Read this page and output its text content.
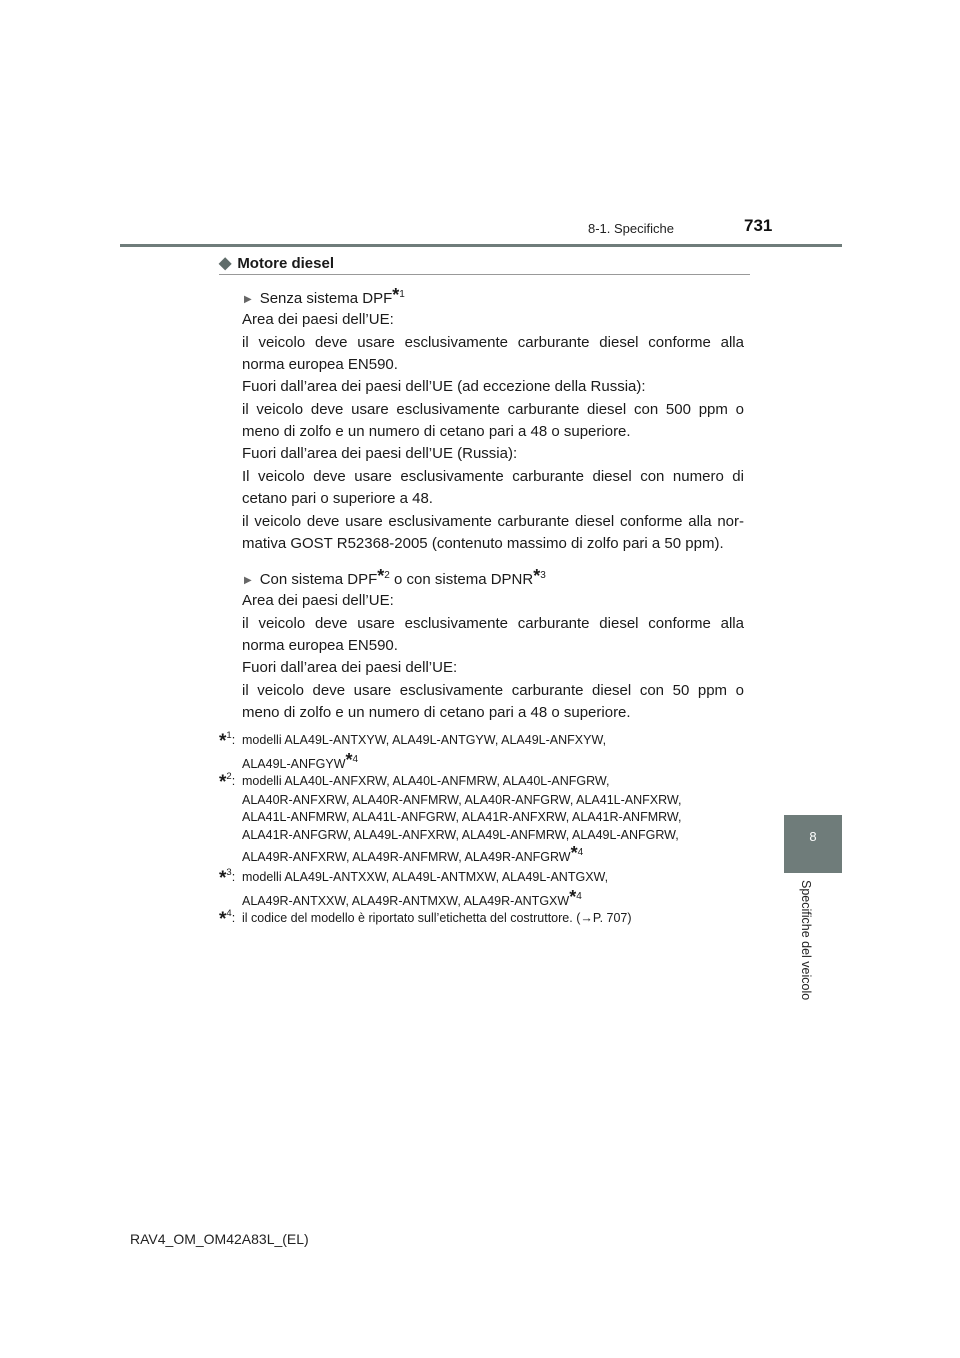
8-1. Specifiche	731
8
Specifiche del veicolo
◆ Motore diesel
▶ Senza sistema DPF$^{*1}$

Area dei paesi dell’UE:

il veicolo deve usare esclusivamente carburante diesel conforme alla

norma europea EN590.

Fuori dall’area dei paesi dell’UE (ad eccezione della Russia):

il veicolo deve usare esclusivamente carburante diesel con 500 ppm o

meno di zolfo e un numero di cetano pari a 48 o superiore.

Fuori dall’area dei paesi dell’UE (Russia):

Il veicolo deve usare esclusivamente carburante diesel con numero di

cetano pari o superiore a 48.

il veicolo deve usare esclusivamente carburante diesel conforme alla nor-

mativa GOST R52368-2005 (contenuto massimo di zolfo pari a 50 ppm).

▶ Con sistema DPF$^{*2}$ o con sistema DPNR$^{*3}$

Area dei paesi dell’UE:

il veicolo deve usare esclusivamente carburante diesel conforme alla

norma europea EN590.

Fuori dall’area dei paesi dell’UE:

il veicolo deve usare esclusivamente carburante diesel con 50 ppm o

meno di zolfo e un numero di cetano pari a 48 o superiore.

*$^1$: modelli ALA49L-ANTXYW, ALA49L-ANTGYW, ALA49L-ANFXYW,
ALA49L-ANFGYW$^{*4}$
*$^2$: modelli ALA40L-ANFXRW, ALA40L-ANFMRW, ALA40L-ANFGRW,
ALA40R-ANFXRW, ALA40R-ANFMRW, ALA40R-ANFGRW, ALA41L-ANFXRW,
ALA41L-ANFMRW, ALA41L-ANFGRW, ALA41R-ANFXRW, ALA41R-ANFMRW,
ALA41R-ANFGRW, ALA49L-ANFXRW, ALA49L-ANFMRW, ALA49L-ANFGRW,
ALA49R-ANFXRW, ALA49R-ANFMRW, ALA49R-ANFGRW$^{*4}$
*$^3$: modelli ALA49L-ANTXXW, ALA49L-ANTMXW, ALA49L-ANTGXW,
ALA49R-ANTXXW, ALA49R-ANTMXW, ALA49R-ANTGXW$^{*4}$
*$^4$: il codice del modello è riportato sull’etichetta del costruttore. (→P. 707)
RAV4_OM_OM42A83L_(EL)
